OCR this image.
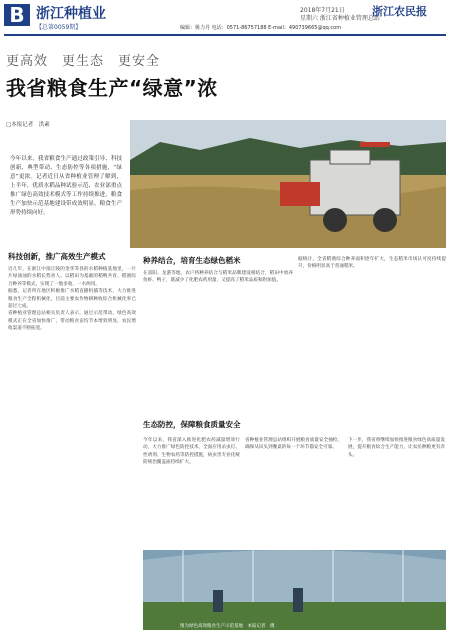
B 浙江种植业
【总第0059期】
2018年7月21日
星期六 浙江省种植业管理总站
浙江农民报
编辑：姚力丹 电话：0571-86757188 E-mail：490739665@qq.com
更高效　更生态　更安全
我省粮食生产“绿意”浓
□本报记者　洪素
今年以来，我省粮食生产通过政策引导、科技创新、典型带动、生态防控等各项措施，“绿意”更浓。记者近日从省种植业管理了解到，上半年，优质水稻品种试验示范、农业部重点推广绿色高效技术模式等工作持续推进，粮食生产加快示范基地建设带成效明显。粮食生产形势持续向好。
科技创新，推广高效生产模式
近几年，在浙江中部丘陵的金华等县的水稻种植基地里，一片片绿油油的水稻长势喜人。以稻田为基础的稻鸭共育、稻渔综合种养等模式，实现了一地多收、一水两用。
据悉，记者所在地区积极推广水稻直播机插等技术，大力推进粮食生产全程机械化，目前主要农作物耕种收综合机械化率已超过七成。
省种植业管理总站相关负责人表示，通过示范带动，绿色高效模式正在全省加快推广，带动粮食亩均节本增效明显，农民增收渠道不断拓宽。
种养结合，培育生态绿色稻米
在富阳、龙游等地，农户将种养结合与稻米品牌建设相结合，稻田中放养鱼虾、鸭子，既减少了化肥农药用量，又提高了稻米品质和附加值。
据统计，全省稻渔综合种养面积逐年扩大，生态稻米市场认可度持续提升，价格明显高于普通稻米。
生态防控，保障粮食质量安全
今年以来，我省深入推进化肥农药减量增效行动，大力推广绿色防控技术，全面应用杀虫灯、性诱剂、生物农药等防控措施，病虫害专业化统防统治覆盖面持续扩大。
省种植业管理总站组织开展粮食质量安全抽检，确保从田头到餐桌的每一个环节都安全可靠。
下一步，我省将继续加快推进粮食绿色高质量发展，提升粮食综合生产能力，让农民种粮更有奔头。
图为绿色高效粮食生产示范基地　本报记者　摄
